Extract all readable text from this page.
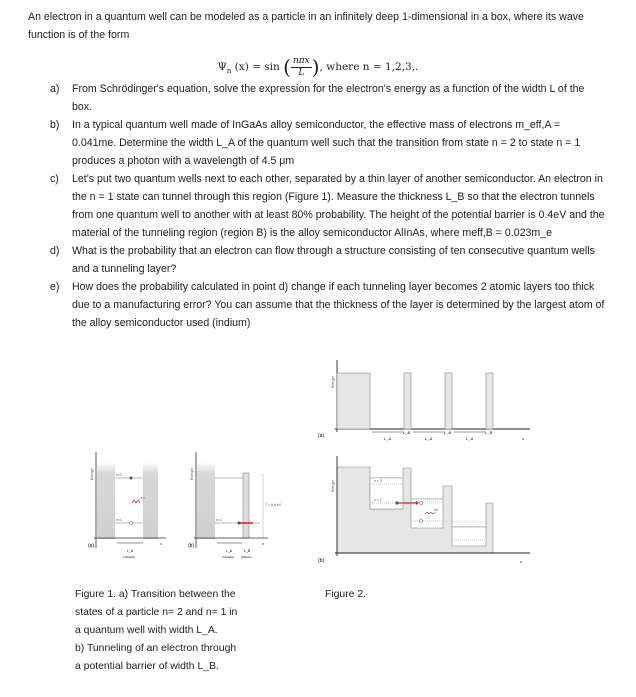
An electron in a quantum well can be modeled as a particle in an infinitely deep 1-dimensional in a box, where its wave function is of the form
$\Psi_n$ (x) = sin ( $\frac{\text{nπx}}{L}$ ), where n = 1,2,3,.
a) From Schrödinger's equation, solve the expression for the electron's energy as a function of the width L of the box.
b) In a typical quantum well made of InGaAs alloy semiconductor, the effective mass of electrons m_eff,A = 0.041me. Determine the width L_A of the quantum well such that the transition from state n = 2 to state n = 1 produces a photon with a wavelength of 4.5 μm
c) Let's put two quantum wells next to each other, separated by a thin layer of another semiconductor. An electron in the n = 1 state can tunnel through this region (Figure 1). Measure the thickness L_B so that the electron tunnels from one quantum well to another with at least 80% probability. The height of the potential barrier is 0.4eV and the material of the tunneling region (region B) is the alloy semiconductor AlInAs, where meff,B = 0.023m_e
d) What is the probability that an electron can flow through a structure consisting of ten consecutive quantum wells and a tunneling layer?
e) How does the probability calculated in point d) change if each tunneling layer becomes 2 atomic layers too thick due to a manufacturing error? You can assume that the thickness of the layer is determined by the largest atom of the alloy semiconductor used (indium)
hν
n=2
n=1
Energie
(a)	x
L_A
(InGaAs)
T = 0.4 eV
n=1
Energie
(b)	x
L_A
(InGaAs)
L_B
(AlInAs)
Energie
(a)	x
L_A	L_A	L_A
L_B	L_B	L_B
hν
n = 2
n = 1
Energie
(b)	x
Figure 1. a) Transition between the
states of a particle n= 2 and n= 1 in
a quantum well with width L_A.
b) Tunneling of an electron through
a potential barrier of width L_B.
Figure 2.
